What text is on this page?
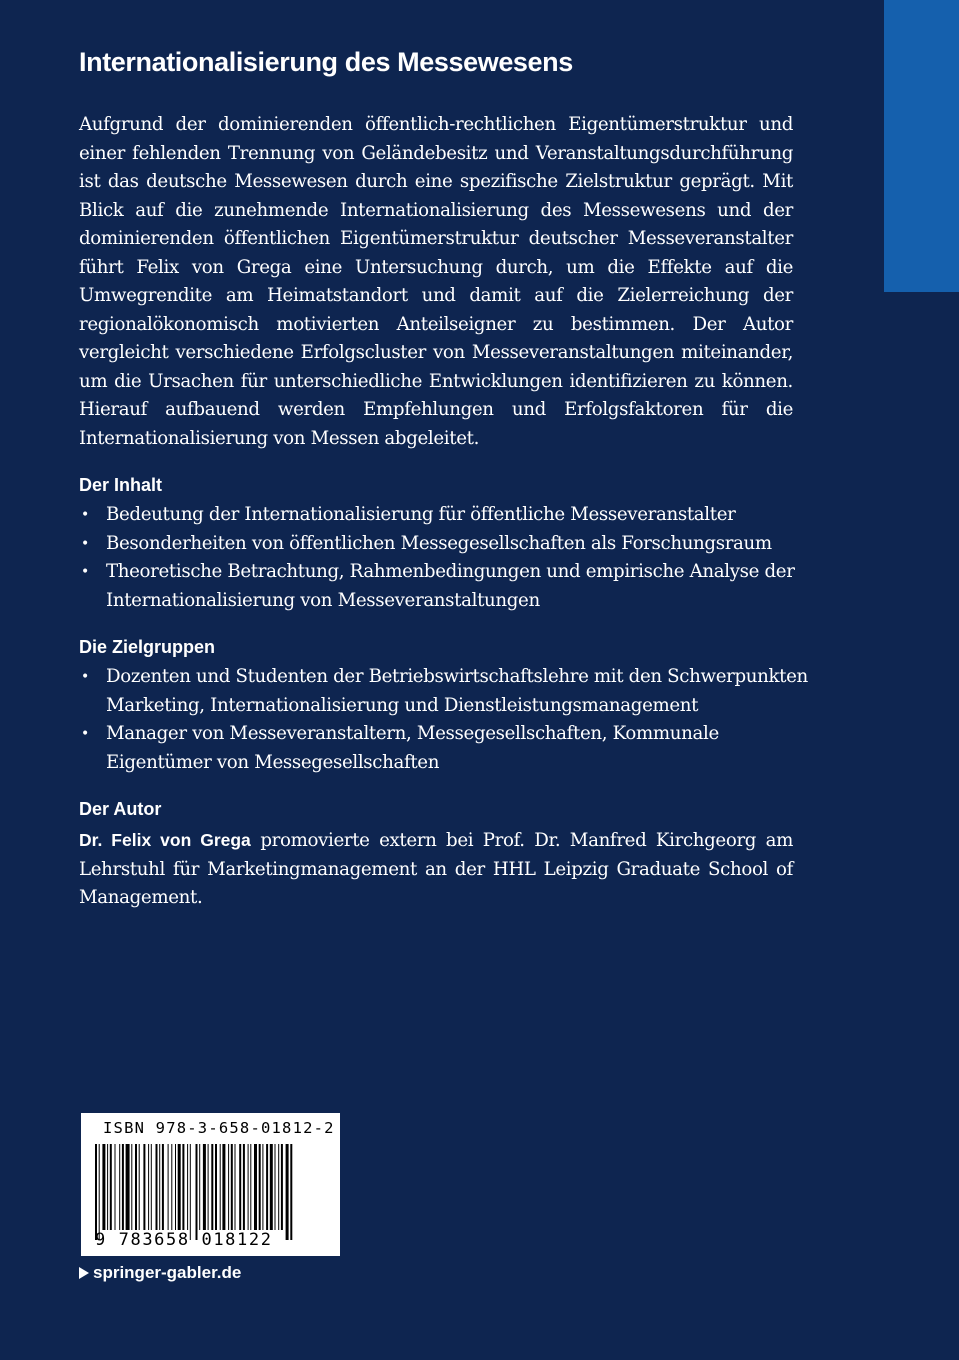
Internationalisierung des Messewesens

Aufgrund der dominierenden öffentlich-rechtlichen Eigentümerstruktur und einer fehlenden Trennung von Geländebesitz und Veranstaltungsdurchführung ist das deutsche Messewesen durch eine spezifische Zielstruktur geprägt. Mit Blick auf die zunehmende Internationalisierung des Messewesens und der dominierenden öffentlichen Eigentümerstruktur deutscher Messeveranstalter führt Felix von Grega eine Untersuchung durch, um die Effekte auf die Umwegrendite am Heimatstandort und damit auf die Zielerreichung der regionalökonomisch motivierten Anteilseigner zu bestimmen. Der Autor vergleicht verschiedene Erfolgscluster von Messeveranstaltungen miteinander, um die Ursachen für unterschiedliche Entwicklungen identifizieren zu können. Hierauf aufbauend werden Empfehlungen und Erfolgsfaktoren für die Internationalisierung von Messen abgeleitet.

Der Inhalt
• Bedeutung der Internationalisierung für öffentliche Messeveranstalter
• Besonderheiten von öffentlichen Messegesellschaften als Forschungsraum
• Theoretische Betrachtung, Rahmenbedingungen und empirische Analyse der Internationalisierung von Messeveranstaltungen
Die Zielgruppen
• Dozenten und Studenten der Betriebswirtschaftslehre mit den Schwerpunkten Marketing, Internationalisierung und Dienstleistungsmanagement
• Manager von Messeveranstaltern, Messegesellschaften, Kommunale Eigentümer von Messegesellschaften
Der Autor

Dr. Felix von Grega promovierte extern bei Prof. Dr. Manfred Kirchgeorg am Lehrstuhl für Marketingmanagement an der HHL Leipzig Graduate School of Management.

ISBN 978-3-658-01812-2

9 783658 018122

springer-gabler.de
